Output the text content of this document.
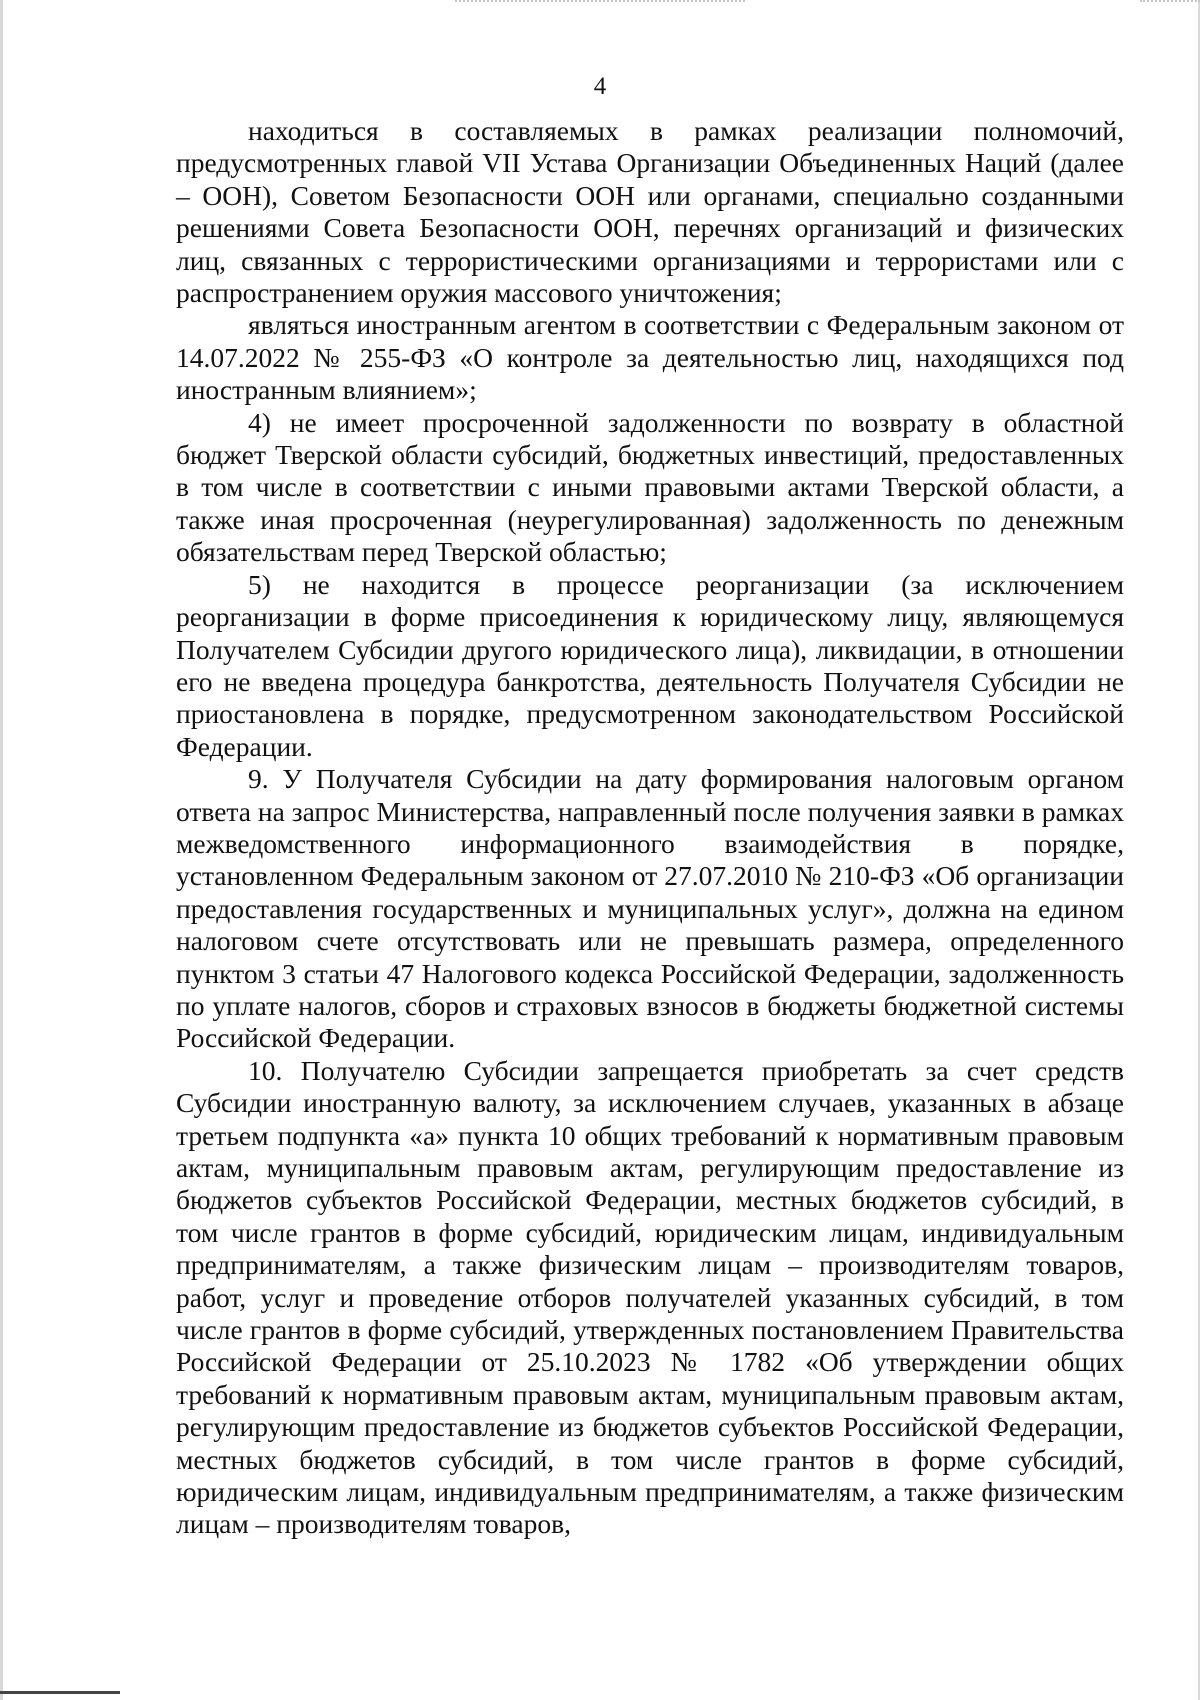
4

находиться в составляемых в рамках реализации полномочий, предусмотренных главой VII Устава Организации Объединенных Наций (далее – ООН), Советом Безопасности ООН или органами, специально созданными решениями Совета Безопасности ООН, перечнях организаций и физических лиц, связанных с террористическими организациями и террористами или с распространением оружия массового уничтожения;

являться иностранным агентом в соответствии с Федеральным законом от 14.07.2022 № 255-ФЗ «О контроле за деятельностью лиц, находящихся под иностранным влиянием»;

4) не имеет просроченной задолженности по возврату в областной бюджет Тверской области субсидий, бюджетных инвестиций, предоставленных в том числе в соответствии с иными правовыми актами Тверской области, а также иная просроченная (неурегулированная) задолженность по денежным обязательствам перед Тверской областью;

5) не находится в процессе реорганизации (за исключением реорганизации в форме присоединения к юридическому лицу, являющемуся Получателем Субсидии другого юридического лица), ликвидации, в отношении его не введена процедура банкротства, деятельность Получателя Субсидии не приостановлена в порядке, предусмотренном законодательством Российской Федерации.

9. У Получателя Субсидии на дату формирования налоговым органом ответа на запрос Министерства, направленный после получения заявки в рамках межведомственного информационного взаимодействия в порядке, установленном Федеральным законом от 27.07.2010 № 210-ФЗ «Об организации предоставления государственных и муниципальных услуг», должна на едином налоговом счете отсутствовать или не превышать размера, определенного пунктом 3 статьи 47 Налогового кодекса Российской Федерации, задолженность по уплате налогов, сборов и страховых взносов в бюджеты бюджетной системы Российской Федерации.

10. Получателю Субсидии запрещается приобретать за счет средств Субсидии иностранную валюту, за исключением случаев, указанных в абзаце третьем подпункта «а» пункта 10 общих требований к нормативным правовым актам, муниципальным правовым актам, регулирующим предоставление из бюджетов субъектов Российской Федерации, местных бюджетов субсидий, в том числе грантов в форме субсидий, юридическим лицам, индивидуальным предпринимателям, а также физическим лицам – производителям товаров, работ, услуг и проведение отборов получателей указанных субсидий, в том числе грантов в форме субсидий, утвержденных постановлением Правительства Российской Федерации от 25.10.2023 № 1782 «Об утверждении общих требований к нормативным правовым актам, муниципальным правовым актам, регулирующим предоставление из бюджетов субъектов Российской Федерации, местных бюджетов субсидий, в том числе грантов в форме субсидий, юридическим лицам, индивидуальным предпринимателям, а также физическим лицам – производителям товаров,
